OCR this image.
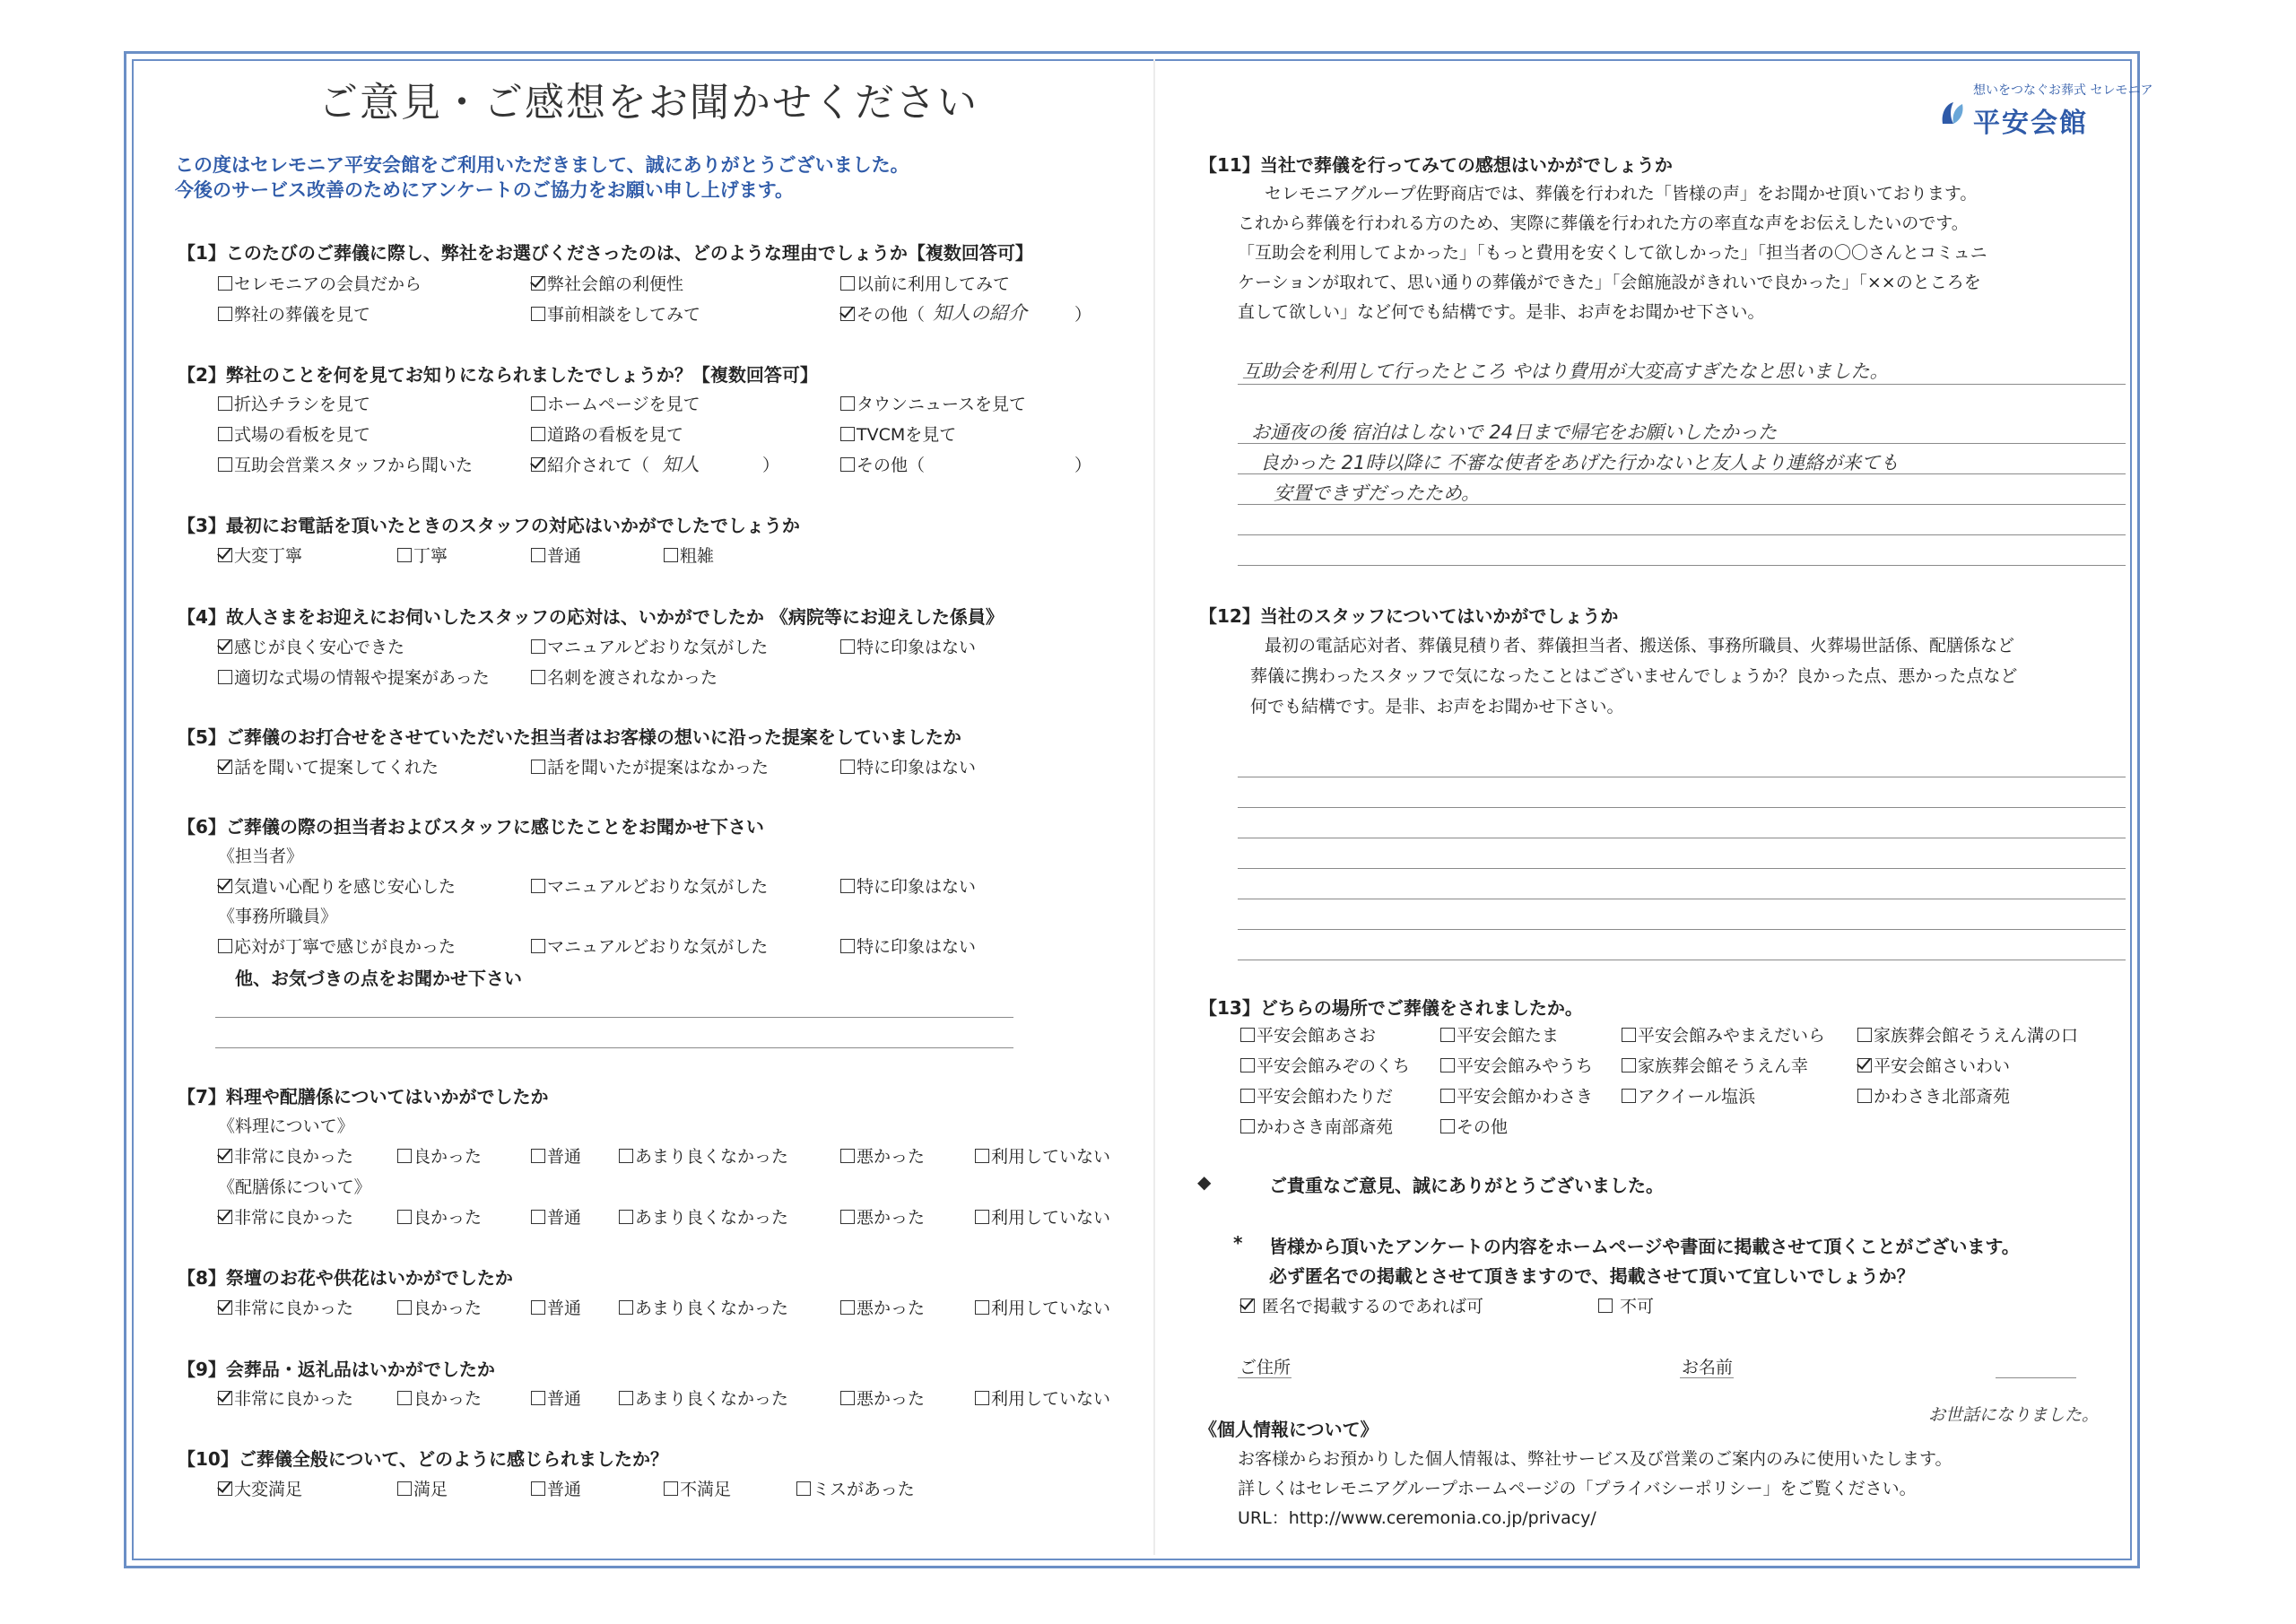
ご意見・ご感想をお聞かせください
この度はセレモニア平安会館をご利用いただきまして、誠にありがとうございました。
今後のサービス改善のためにアンケートのご協力をお願い申し上げます。
【1】このたびのご葬儀に際し、弊社をお選びくださったのは、どのような理由でしょうか【複数回答可】
セレモニアの会員だから	弊社会館の利便性	以前に利用してみて
弊社の葬儀を見て	事前相談をしてみて	その他（ 知人の紹介	）
【2】弊社のことを何を見てお知りになられましたでしょうか？【複数回答可】
折込チラシを見て	ホームページを見て	タウンニュースを見て
式場の看板を見て	道路の看板を見て	TVCMを見て
互助会営業スタッフから聞いた	紹介されて（ 知人	）	その他（	）
【3】最初にお電話を頂いたときのスタッフの対応はいかがでしたでしょうか
大変丁寧	丁寧	普通	粗雑
【4】故人さまをお迎えにお伺いしたスタッフの応対は、いかがでしたか 《病院等にお迎えした係員》
感じが良く安心できた	マニュアルどおりな気がした	特に印象はない
適切な式場の情報や提案があった	名刺を渡されなかった
【5】ご葬儀のお打合せをさせていただいた担当者はお客様の想いに沿った提案をしていましたか
話を聞いて提案してくれた	話を聞いたが提案はなかった	特に印象はない
【6】ご葬儀の際の担当者およびスタッフに感じたことをお聞かせ下さい
《担当者》
気遣い心配りを感じ安心した	マニュアルどおりな気がした	特に印象はない
《事務所職員》
応対が丁寧で感じが良かった	マニュアルどおりな気がした	特に印象はない
他、お気づきの点をお聞かせ下さい
【7】料理や配膳係についてはいかがでしたか
《料理について》
非常に良かった	良かった	普通	あまり良くなかった	悪かった	利用していない
《配膳係について》
非常に良かった	良かった	普通	あまり良くなかった	悪かった	利用していない
【8】祭壇のお花や供花はいかがでしたか
非常に良かった	良かった	普通	あまり良くなかった	悪かった	利用していない
【9】会葬品・返礼品はいかがでしたか
非常に良かった	良かった	普通	あまり良くなかった	悪かった	利用していない
【10】ご葬儀全般について、どのように感じられましたか？
大変満足	満足	普通	不満足	ミスがあった
想いをつなぐお葬式 セレモニア
平安会館
【11】当社で葬儀を行ってみての感想はいかがでしょうか
セレモニアグループ佐野商店では、葬儀を行われた「皆様の声」をお聞かせ頂いております。
これから葬儀を行われる方のため、実際に葬儀を行われた方の率直な声をお伝えしたいのです。
「互助会を利用してよかった」「もっと費用を安くして欲しかった」「担当者の〇〇さんとコミュニ
ケーションが取れて、思い通りの葬儀ができた」「会館施設がきれいで良かった」「××のところを
直して欲しい」など何でも結構です。是非、お声をお聞かせ下さい。
互助会を利用して行ったところ やはり費用が大変高すぎたなと思いました。
お通夜の後 宿泊はしないで 24日まで帰宅をお願いしたかった
良かった 21時以降に 不審な使者をあげた行かないと友人より連絡が来ても
安置できずだったため。
【12】当社のスタッフについてはいかがでしょうか
最初の電話応対者、葬儀見積り者、葬儀担当者、搬送係、事務所職員、火葬場世話係、配膳係など
葬儀に携わったスタッフで気になったことはございませんでしょうか？良かった点、悪かった点など
何でも結構です。是非、お声をお聞かせ下さい。
【13】どちらの場所でご葬儀をされましたか。
平安会館あさお	平安会館たま	平安会館みやまえだいら	家族葬会館そうえん溝の口
平安会館みぞのくち	平安会館みやうち	家族葬会館そうえん幸	平安会館さいわい
平安会館わたりだ	平安会館かわさき	アクイール塩浜	かわさき北部斎苑
かわさき南部斎苑	その他
◆	ご貴重なご意見、誠にありがとうございました。
* 皆様から頂いたアンケートの内容をホームページや書面に掲載させて頂くことがございます。
必ず匿名での掲載とさせて頂きますので、掲載させて頂いて宜しいでしょうか？
匿名で掲載するのであれば可	不可
ご住所	お名前
お世話になりました。
《個人情報について》
お客様からお預かりした個人情報は、弊社サービス及び営業のご案内のみに使用いたします。
詳しくはセレモニアグループホームページの「プライバシーポリシー」をご覧ください。
URL：http://www.ceremonia.co.jp/privacy/
